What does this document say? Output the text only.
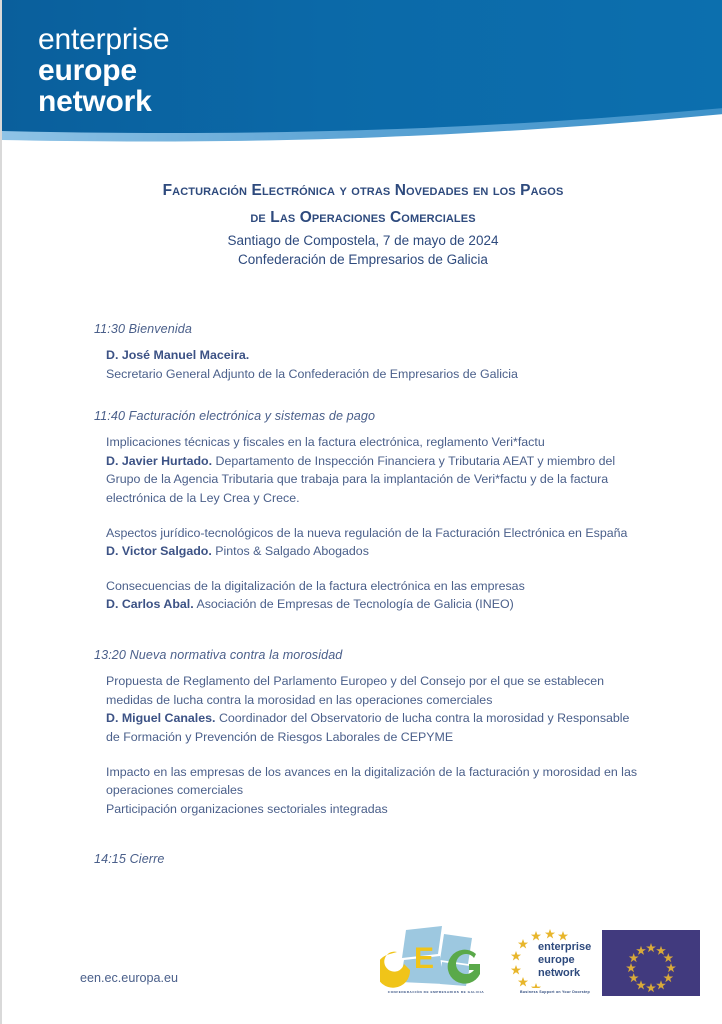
enterprise
europe
network
Facturación Electrónica y otras Novedades en los Pagos
de Las Operaciones Comerciales
Santiago de Compostela, 7 de mayo de 2024
Confederación de Empresarios de Galicia
11:30 Bienvenida

D. José Manuel Maceira.
Secretario General Adjunto de la Confederación de Empresarios de Galicia

11:40 Facturación electrónica y sistemas de pago

Implicaciones técnicas y fiscales en la factura electrónica, reglamento Veri*factu
D. Javier Hurtado. Departamento de Inspección Financiera y Tributaria AEAT y miembro del Grupo de la Agencia Tributaria que trabaja para la implantación de Veri*factu y de la factura electrónica de la Ley Crea y Crece.

Aspectos jurídico-tecnológicos de la nueva regulación de la Facturación Electrónica en España
D. Victor Salgado. Pintos & Salgado Abogados

Consecuencias de la digitalización de la factura electrónica en las empresas
D. Carlos Abal. Asociación de Empresas de Tecnología de Galicia (INEO)

13:20 Nueva normativa contra la morosidad

Propuesta de Reglamento del Parlamento Europeo y del Consejo por el que se establecen medidas de lucha contra la morosidad en las operaciones comerciales
D. Miguel Canales. Coordinador del Observatorio de lucha contra la morosidad y Responsable de Formación y Prevención de Riesgos Laborales de CEPYME

Impacto en las empresas de los avances en la digitalización de la facturación y morosidad en las operaciones comerciales
Participación organizaciones sectoriales integradas

14:15 Cierre
een.ec.europa.eu
E
CONFEDERACIÓN DE EMPRESARIOS DE GALICIA
enterprise
europe
network
Business Support on Your Doorstep
